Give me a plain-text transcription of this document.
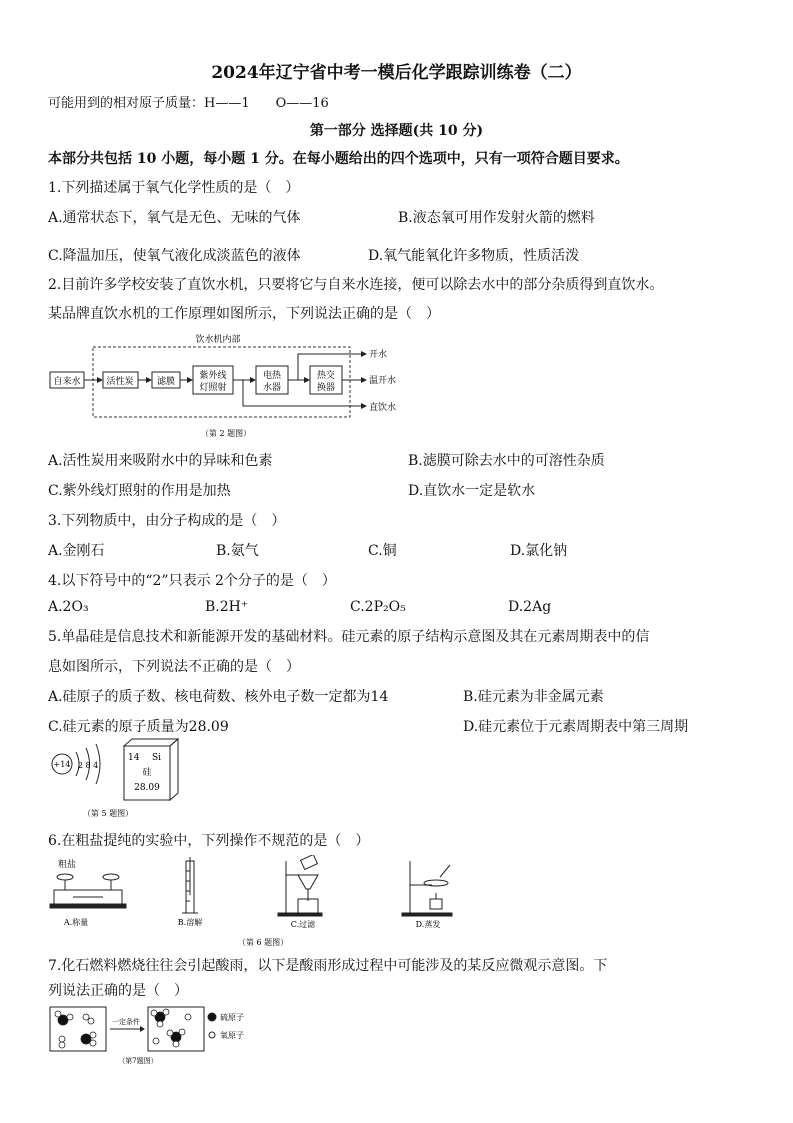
2024年辽宁省中考一模后化学跟踪训练卷（二）
可能用到的相对原子质量：H——1　　O——16
第一部分 选择题(共 10 分)
本部分共包括 10 小题，每小题 1 分。在每小题给出的四个选项中，只有一项符合题目要求。
1.下列描述属于氧气化学性质的是（　）
A.通常状态下，氧气是无色、无味的气体	B.液态氧可用作发射火箭的燃料
C.降温加压，使氧气液化成淡蓝色的液体	D.氧气能氧化许多物质，性质活泼
2.目前许多学校安装了直饮水机，只要将它与自来水连接，便可以除去水中的部分杂质得到直饮水。
某品牌直饮水机的工作原理如图所示，下列说法正确的是（　）
饮水机内部
自来水	活性炭	滤膜
紫外线
灯照射
电热
水器
热交
换器
开水
温开水
直饮水
（第 2 题图）
A.活性炭用来吸附水中的异味和色素	B.滤膜可除去水中的可溶性杂质
C.紫外线灯照射的作用是加热	D.直饮水一定是软水
3.下列物质中，由分子构成的是（　）
A.金刚石	B.氨气	C.铜	D.氯化钠
4.以下符号中的“2”只表示 2个分子的是（　）
A.2O₃	B.2H⁺	C.2P₂O₅	D.2Ag
5.单晶硅是信息技术和新能源开发的基础材料。硅元素的原子结构示意图及其在元素周期表中的信
息如图所示，下列说法不正确的是（　）
A.硅原子的质子数、核电荷数、核外电子数一定都为14	B.硅元素为非金属元素
C.硅元素的原子质量为28.09	D.硅元素位于元素周期表中第三周期
+14 2 8 4
14 Si
硅
28.09
（第 5 题图）
6.在粗盐提纯的实验中，下列操作不规范的是（　）
粗盐
A.称量	B.溶解	C.过滤	D.蒸发
（第 6 题图）
7.化石燃料燃烧往往会引起酸雨，以下是酸雨形成过程中可能涉及的某反应微观示意图。下
列说法正确的是（　）
一定条件	硫原子
氧原子
（第7题图）
